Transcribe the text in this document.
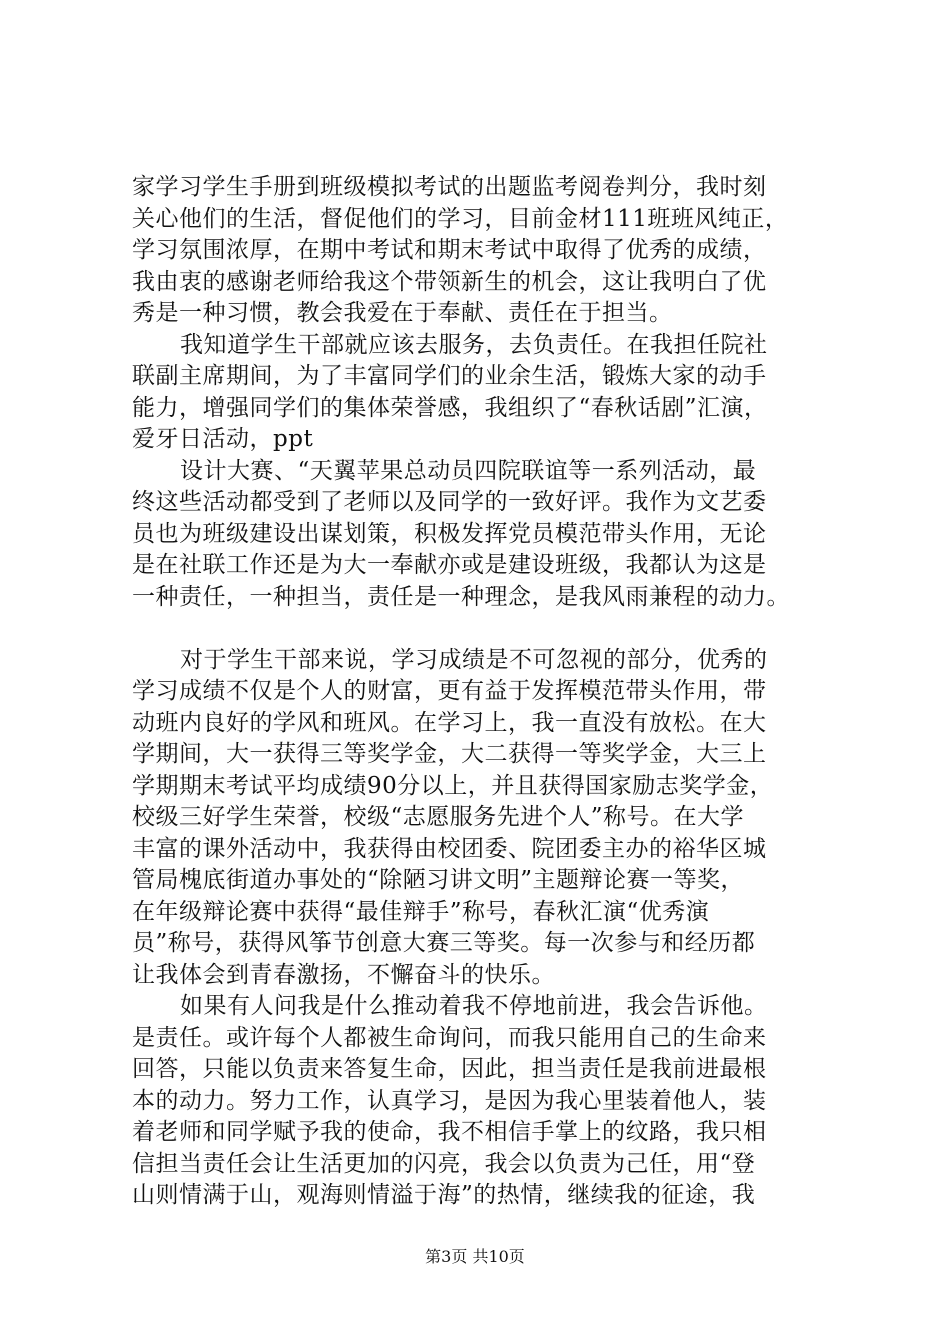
家学习学生手册到班级模拟考试的出题监考阅卷判分，我时刻
关心他们的生活，督促他们的学习，目前金材111班班风纯正，
学习氛围浓厚，在期中考试和期末考试中取得了优秀的成绩，
我由衷的感谢老师给我这个带领新生的机会，这让我明白了优
秀是一种习惯，教会我爱在于奉献、责任在于担当。
我知道学生干部就应该去服务，去负责任。在我担任院社
联副主席期间，为了丰富同学们的业余生活，锻炼大家的动手
能力，增强同学们的集体荣誉感，我组织了“春秋话剧”汇演，
爱牙日活动，ppt
设计大赛、“天翼苹果总动员四院联谊等一系列活动，最
终这些活动都受到了老师以及同学的一致好评。我作为文艺委
员也为班级建设出谋划策，积极发挥党员模范带头作用，无论
是在社联工作还是为大一奉献亦或是建设班级，我都认为这是
一种责任，一种担当，责任是一种理念，是我风雨兼程的动力。
对于学生干部来说，学习成绩是不可忽视的部分，优秀的
学习成绩不仅是个人的财富，更有益于发挥模范带头作用，带
动班内良好的学风和班风。在学习上，我一直没有放松。在大
学期间，大一获得三等奖学金，大二获得一等奖学金，大三上
学期期末考试平均成绩90分以上，并且获得国家励志奖学金，
校级三好学生荣誉，校级“志愿服务先进个人”称号。在大学
丰富的课外活动中，我获得由校团委、院团委主办的裕华区城
管局槐底街道办事处的“除陋习讲文明”主题辩论赛一等奖，
在年级辩论赛中获得“最佳辩手”称号，春秋汇演“优秀演
员”称号，获得风筝节创意大赛三等奖。每一次参与和经历都
让我体会到青春激扬，不懈奋斗的快乐。
如果有人问我是什么推动着我不停地前进，我会告诉他。
是责任。或许每个人都被生命询问，而我只能用自己的生命来
回答，只能以负责来答复生命，因此，担当责任是我前进最根
本的动力。努力工作，认真学习，是因为我心里装着他人，装
着老师和同学赋予我的使命，我不相信手掌上的纹路，我只相
信担当责任会让生活更加的闪亮，我会以负责为己任，用“登
山则情满于山，观海则情溢于海”的热情，继续我的征途，我
第3页 共10页
